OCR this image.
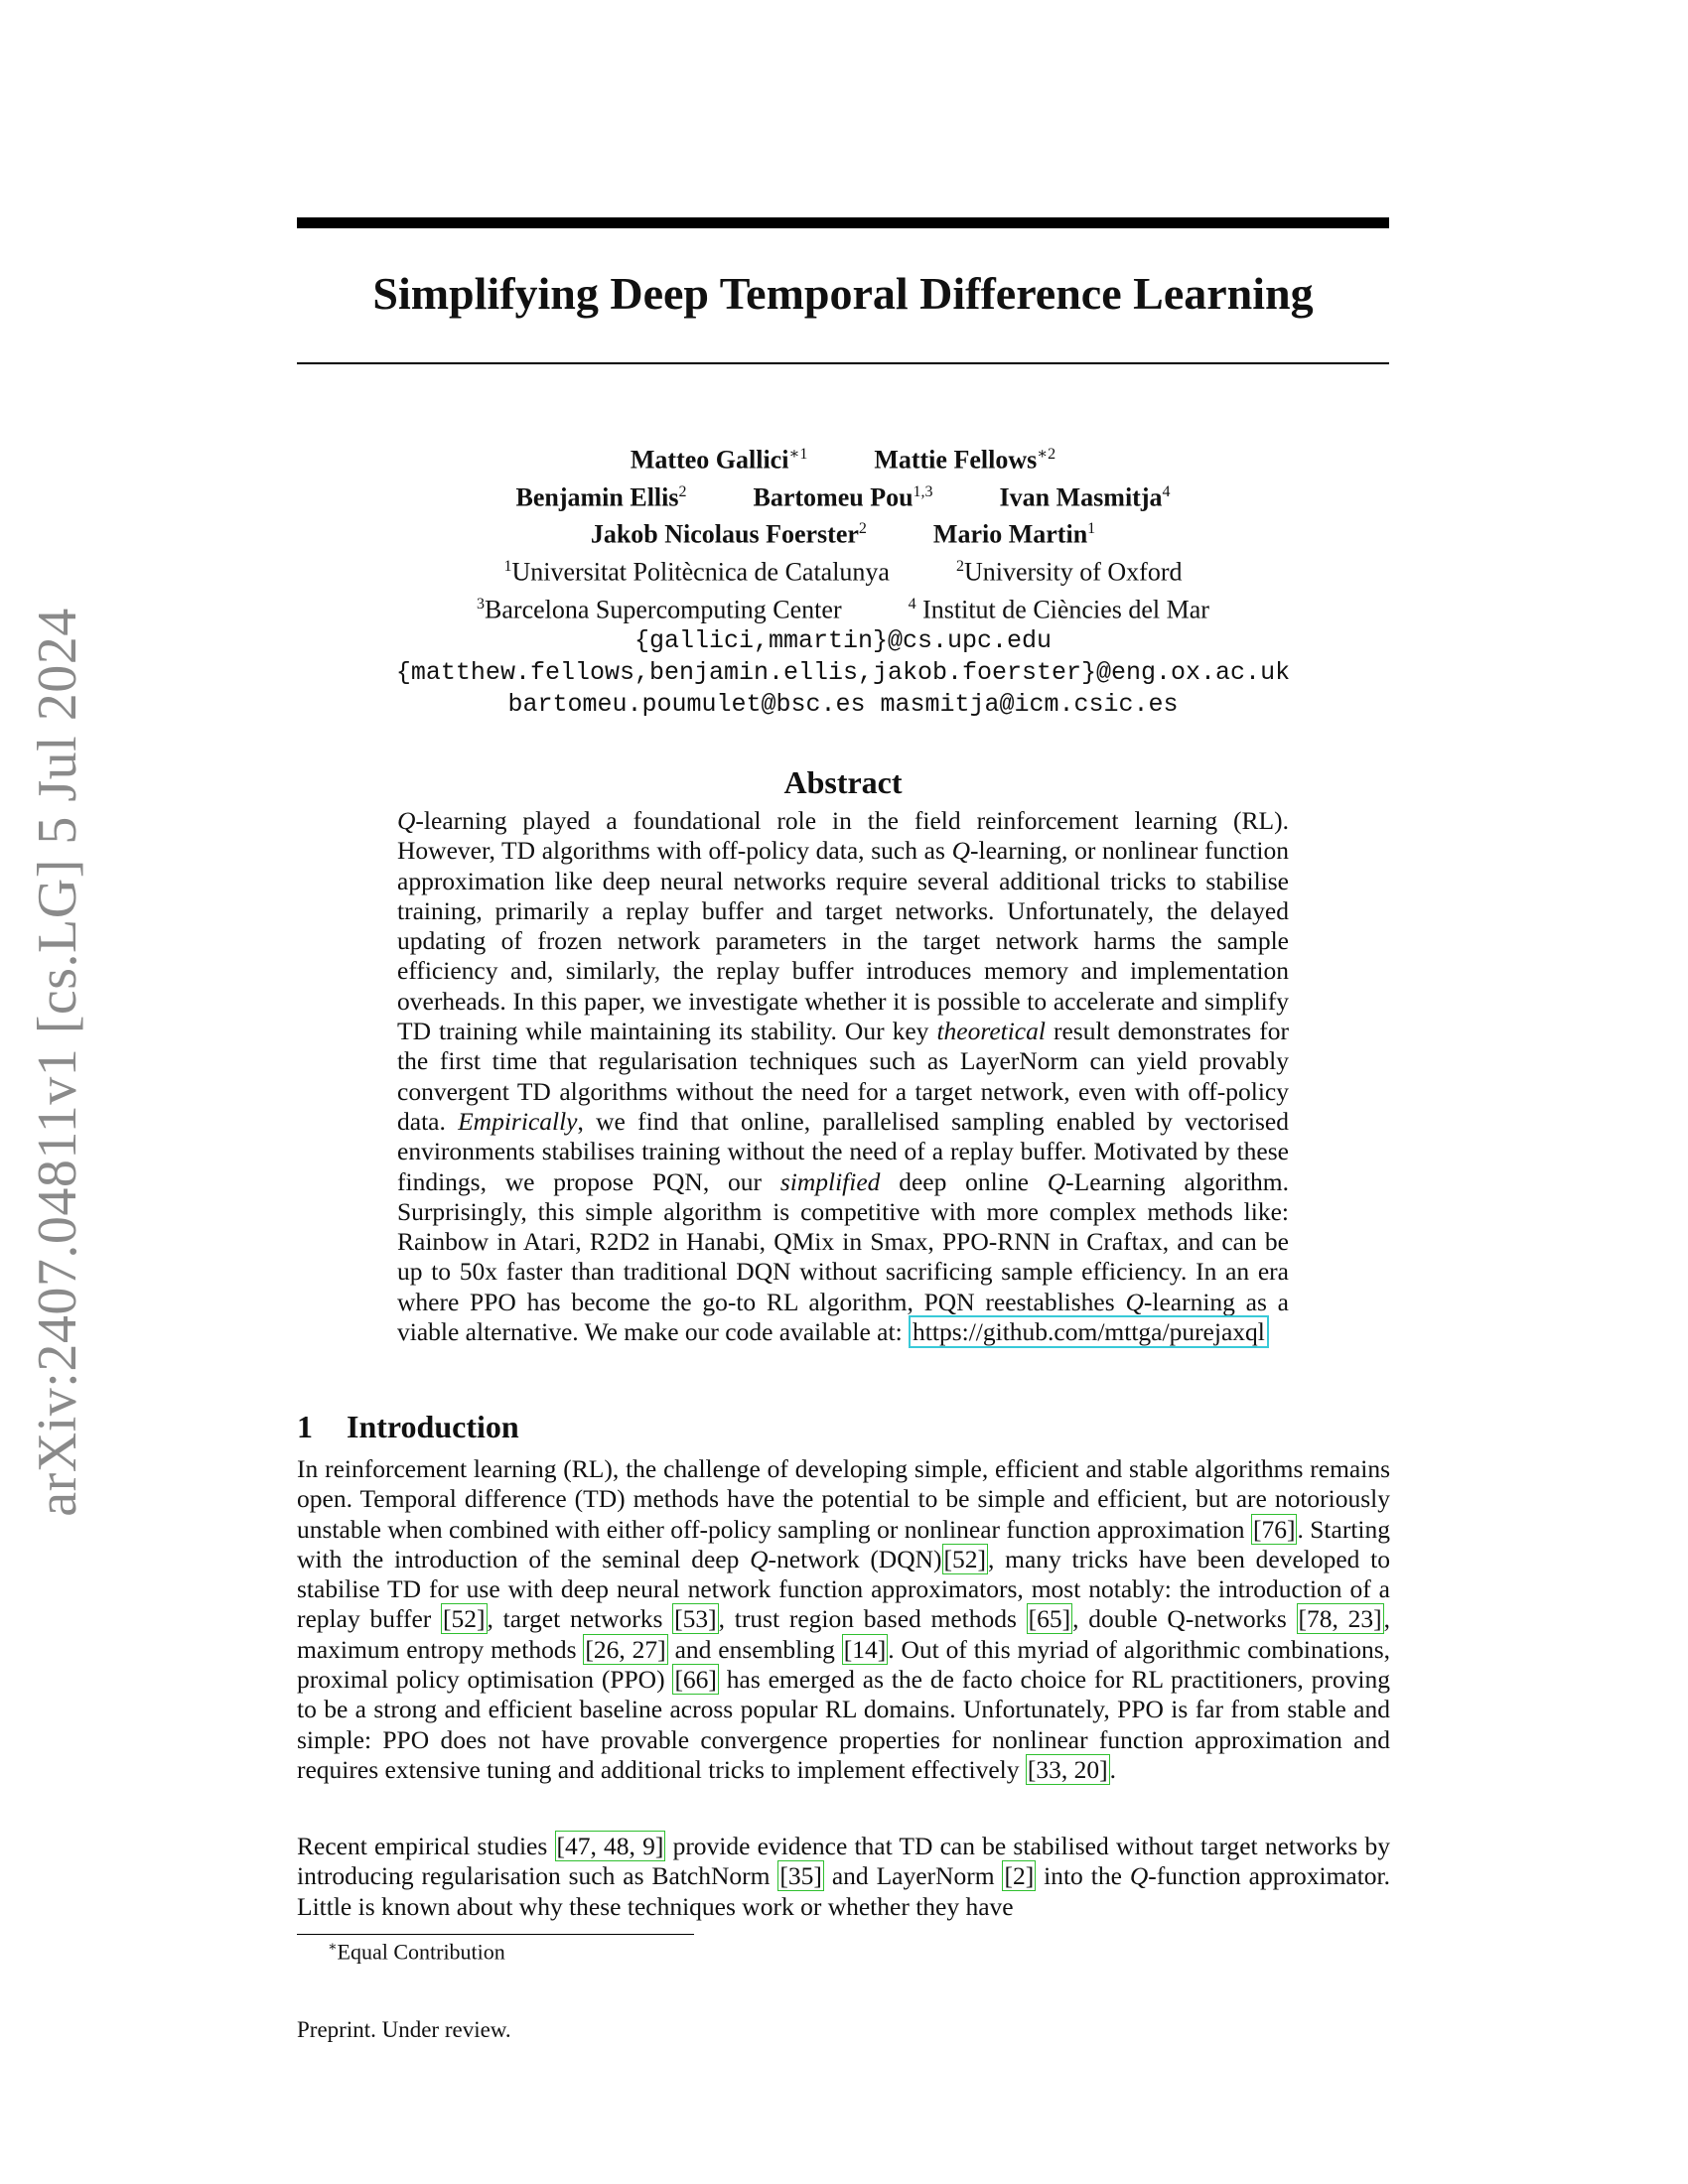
arXiv:2407.04811v1 [cs.LG] 5 Jul 2024
Simplifying Deep Temporal Difference Learning
Matteo Gallici$^{∗1}$	Mattie Fellows$^{∗2}$
Benjamin Ellis$^2$	Bartomeu Pou$^{1,3}$	Ivan Masmitja$^4$
Jakob Nicolaus Foerster$^2$	Mario Martin$^1$
$^1$Universitat Politècnica de Catalunya	$^2$University of Oxford
$^3$Barcelona Supercomputing Center	$^4$ Institut de Ciències del Mar
{gallici,mmartin}@cs.upc.edu
{matthew.fellows,benjamin.ellis,jakob.foerster}@eng.ox.ac.uk
bartomeu.poumulet@bsc.es masmitja@icm.csic.es
Abstract
Q-learning played a foundational role in the field reinforcement learning (RL). However, TD algorithms with off-policy data, such as Q-learning, or nonlinear function approximation like deep neural networks require several additional tricks to stabilise training, primarily a replay buffer and target networks. Unfortunately, the delayed updating of frozen network parameters in the target network harms the sample efficiency and, similarly, the replay buffer introduces memory and implementation overheads. In this paper, we investigate whether it is possible to accelerate and simplify TD training while maintaining its stability. Our key theoretical result demonstrates for the first time that regularisation techniques such as LayerNorm can yield provably convergent TD algorithms without the need for a target network, even with off-policy data. Empirically, we find that online, parallelised sampling enabled by vectorised environments stabilises training without the need of a replay buffer. Motivated by these findings, we propose PQN, our simplified deep online Q-Learning algorithm. Surprisingly, this simple algorithm is competitive with more complex methods like: Rainbow in Atari, R2D2 in Hanabi, QMix in Smax, PPO-RNN in Craftax, and can be up to 50x faster than traditional DQN without sacrificing sample efficiency. In an era where PPO has become the go-to RL algorithm, PQN reestablishes Q-learning as a viable alternative. We make our code available at: https://github.com/mttga/purejaxql
1 Introduction
In reinforcement learning (RL), the challenge of developing simple, efficient and stable algorithms remains open. Temporal difference (TD) methods have the potential to be simple and efficient, but are notoriously unstable when combined with either off-policy sampling or nonlinear function approximation [76]. Starting with the introduction of the seminal deep Q-network (DQN)[52], many tricks have been developed to stabilise TD for use with deep neural network function approximators, most notably: the introduction of a replay buffer [52], target networks [53], trust region based methods [65], double Q-networks [78, 23], maximum entropy methods [26, 27] and ensembling [14]. Out of this myriad of algorithmic combinations, proximal policy optimisation (PPO) [66] has emerged as the de facto choice for RL practitioners, proving to be a strong and efficient baseline across popular RL domains. Unfortunately, PPO is far from stable and simple: PPO does not have provable convergence properties for nonlinear function approximation and requires extensive tuning and additional tricks to implement effectively [33, 20].
Recent empirical studies [47, 48, 9] provide evidence that TD can be stabilised without target networks by introducing regularisation such as BatchNorm [35] and LayerNorm [2] into the Q-function approximator. Little is known about why these techniques work or whether they have
∗Equal Contribution
Preprint. Under review.
